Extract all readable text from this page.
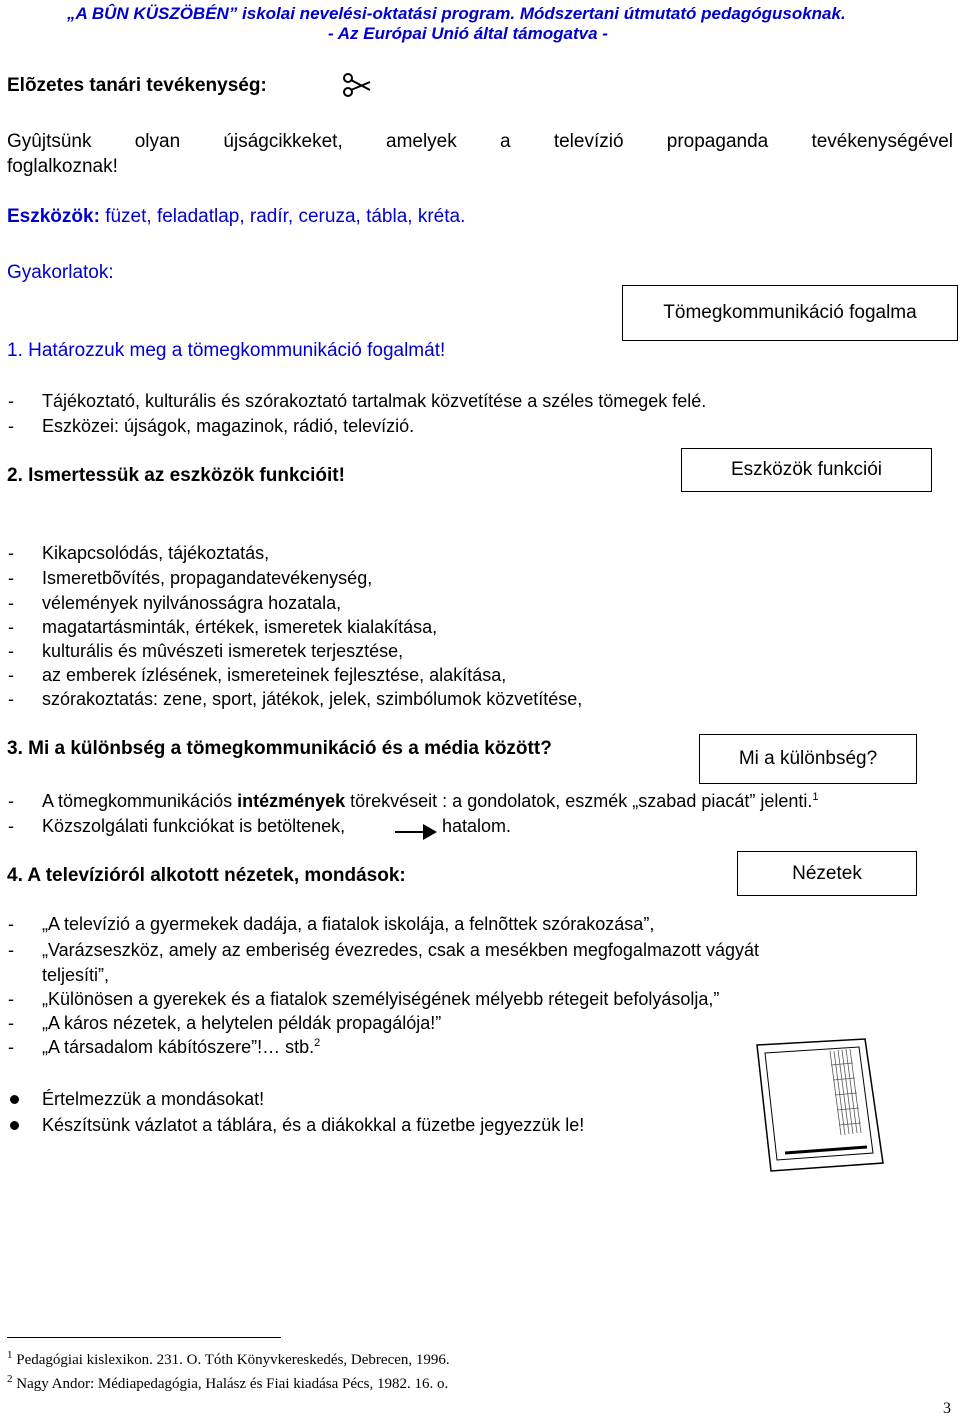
„A BÛN KÜSZÖBÉN” iskolai nevelési-oktatási program. Módszertani útmutató pedagógusoknak.
- Az Európai Unió által támogatva -
Elõzetes tanári tevékenység:
Gyûjtsünk olyan újságcikkeket, amelyek a televízió propaganda tevékenységével
foglalkoznak!
Eszközök: füzet, feladatlap, radír, ceruza, tábla, kréta.
Gyakorlatok:
Tömegkommunikáció fogalma
1. Határozzuk meg a tömegkommunikáció fogalmát!
- Tájékoztató, kulturális és szórakoztató tartalmak közvetítése a széles tömegek felé.
- Eszközei: újságok, magazinok, rádió, televízió.
2. Ismertessük az eszközök funkcióit!	Eszközök funkciói
- Kikapcsolódás, tájékoztatás,
- Ismeretbõvítés, propagandatevékenység,
- vélemények nyilvánosságra hozatala,
- magatartásminták, értékek, ismeretek kialakítása,
- kulturális és mûvészeti ismeretek terjesztése,
- az emberek ízlésének, ismereteinek fejlesztése, alakítása,
- szórakoztatás: zene, sport, játékok, jelek, szimbólumok közvetítése,
3. Mi a különbség a tömegkommunikáció és a média között?	Mi a különbség?
- A tömegkommunikációs intézmények törekvéseit : a gondolatok, eszmék „szabad piacát” jelenti.$^1$
- Közszolgálati funkciókat is betöltenek,	hatalom.
4. A televízióról alkotott nézetek, mondások:	Nézetek
- „A televízió a gyermekek dadája, a fiatalok iskolája, a felnõttek szórakozása”,
- „Varázseszköz, amely az emberiség évezredes, csak a mesékben megfogalmazott vágyát
teljesíti”,
- „Különösen a gyerekek és a fiatalok személyiségének mélyebb rétegeit befolyásolja,”
- „A káros nézetek, a helytelen példák propagálója!”
- „A társadalom kábítószere”!… stb.$^2$
Értelmezzük a mondásokat!
Készítsünk vázlatot a táblára, és a diákokkal a füzetbe jegyezzük le!
$^1$ Pedagógiai kislexikon. 231. O. Tóth Könyvkereskedés, Debrecen, 1996.
$^2$ Nagy Andor: Médiapedagógia, Halász és Fiai kiadása Pécs, 1982. 16. o.
3
